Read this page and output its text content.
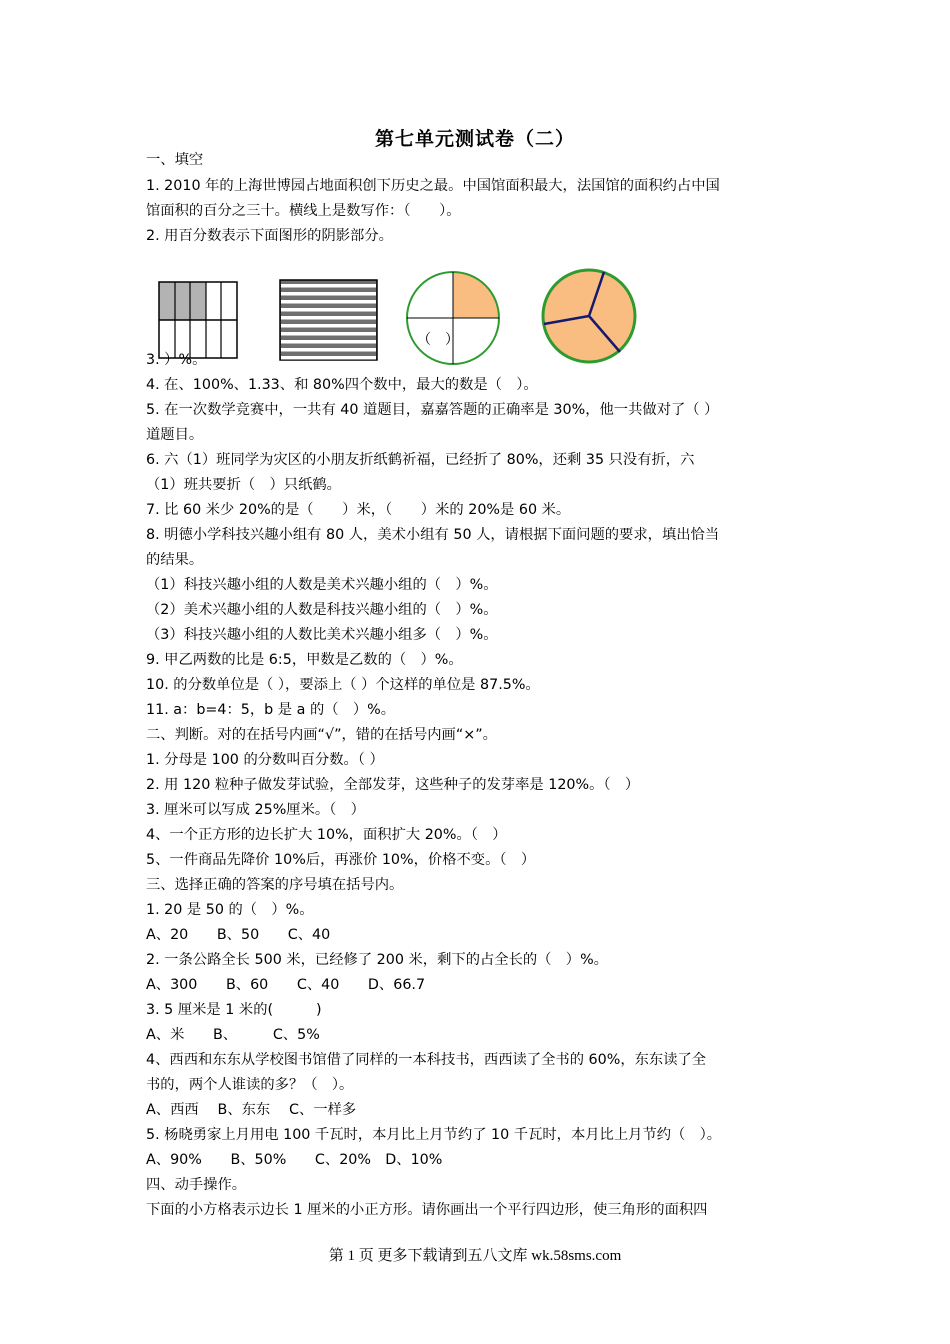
第七单元测试卷（二）
一、填空
1. 2010 年的上海世博园占地面积创下历史之最。中国馆面积最大，法国馆的面积约占中国
馆面积的百分之三十。横线上是数写作：（　　）。
2. 用百分数表示下面图形的阴影部分。
3. ）%。
4. 在、100%、1.33、和 80%四个数中，最大的数是（　）。
5. 在一次数学竞赛中，一共有 40 道题目，嘉嘉答题的正确率是 30%，他一共做对了（ ）
道题目。
6. 六（1）班同学为灾区的小朋友折纸鹤祈福，已经折了 80%，还剩 35 只没有折，六
（1）班共要折（　）只纸鹤。
7. 比 60 米少 20%的是（　　）米，（　　）米的 20%是 60 米。
8. 明德小学科技兴趣小组有 80 人，美术小组有 50 人，请根据下面问题的要求，填出恰当
的结果。
（1）科技兴趣小组的人数是美术兴趣小组的（　）%。
（2）美术兴趣小组的人数是科技兴趣小组的（　）%。
（3）科技兴趣小组的人数比美术兴趣小组多（　）%。
9. 甲乙两数的比是 6:5，甲数是乙数的（　）%。
10. 的分数单位是（ ），要添上（ ）个这样的单位是 87.5%。
11. a：b=4：5，b 是 a 的（　）%。
二、判断。对的在括号内画“√”，错的在括号内画“×”。
1. 分母是 100 的分数叫百分数。（ ）
2. 用 120 粒种子做发芽试验，全部发芽，这些种子的发芽率是 120%。（　）
3. 厘米可以写成 25%厘米。（　）
4、一个正方形的边长扩大 10%，面积扩大 20%。（　）
5、一件商品先降价 10%后，再涨价 10%，价格不变。（　）
三、选择正确的答案的序号填在括号内。
1. 20 是 50 的（　）%。
A、20　　B、50　　C、40
2. 一条公路全长 500 米，已经修了 200 米，剩下的占全长的（　）%。
A、300　　B、60　　C、40　　D、66.7
3. 5 厘米是 1 米的(　　　)
A、米　　B、　　　C、5%
4、西西和东东从学校图书馆借了同样的一本科技书，西西读了全书的 60%，东东读了全
书的，两个人谁读的多？（　）。
A、西西　 B、东东　 C、一样多
5. 杨晓勇家上月用电 100 千瓦时，本月比上月节约了 10 千瓦时，本月比上月节约（　）。
A、90%　　B、50%　　C、20%　D、10%
四、动手操作。
下面的小方格表示边长 1 厘米的小正方形。请你画出一个平行四边形，使三角形的面积四
（　）
第 1 页 更多下载请到五八文库 wk.58sms.com
